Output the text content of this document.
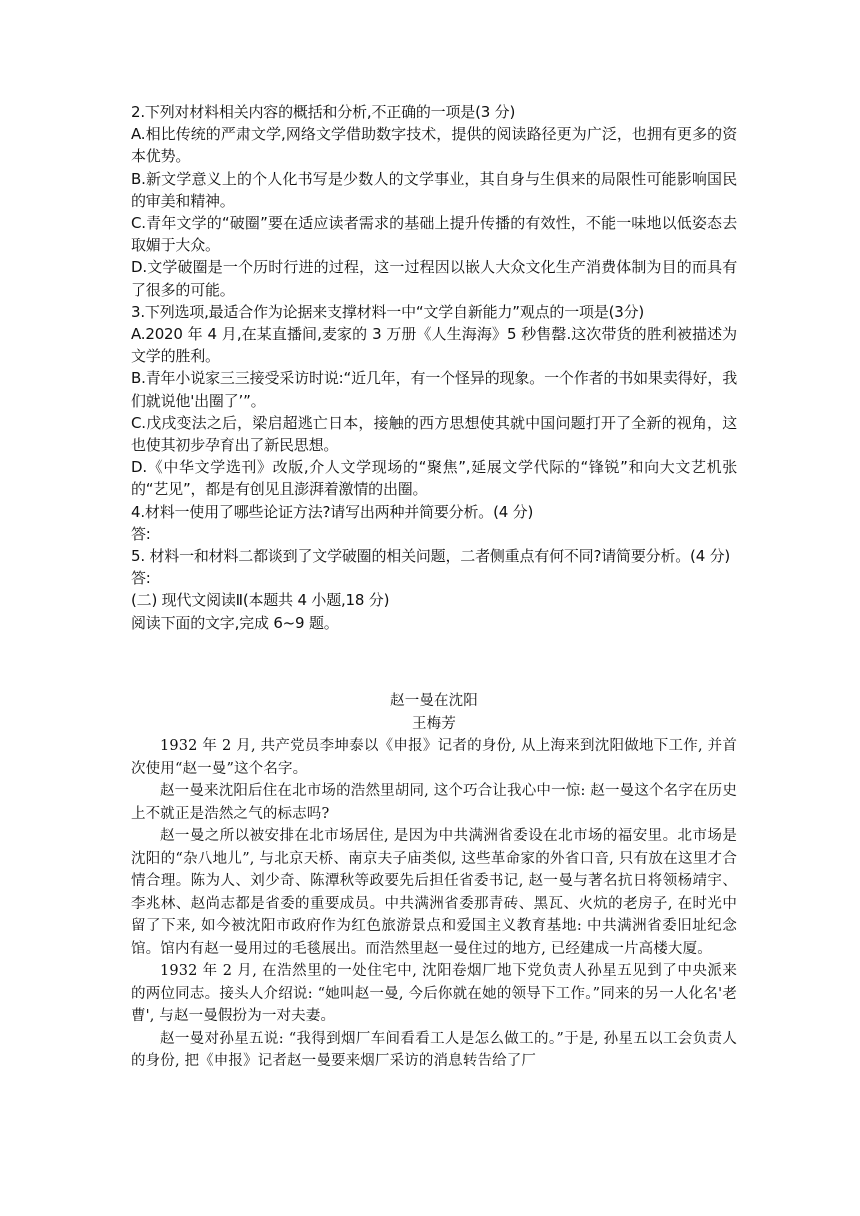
2.下列对材料相关内容的概括和分析,不正确的一项是(3 分)

A.相比传统的严肃文学,网络文学借助数字技术，提供的阅读路径更为广泛，也拥有更多的资本优势。

B.新文学意义上的个人化书写是少数人的文学事业，其自身与生俱来的局限性可能影响国民的审美和精神。

C.青年文学的“破圈”要在适应读者需求的基础上提升传播的有效性，不能一味地以低姿态去取媚于大众。

D.文学破圈是一个历时行进的过程，这一过程因以嵌人大众文化生产消费体制为目的而具有了很多的可能。

3.下列选项,最适合作为论据来支撑材料一中“文学自新能力”观点的一项是(3分)

A.2020 年 4 月,在某直播间,麦家的 3 万册《人生海海》5 秒售罄.这次带货的胜利被描述为文学的胜利。

B.青年小说家三三接受采访时说:“近几年，有一个怪异的现象。一个作者的书如果卖得好，我们就说他'出圈了’”。

C.戊戌变法之后，梁启超逃亡日本，接触的西方思想使其就中国问题打开了全新的视角，这也使其初步孕育出了新民思想。

D.《中华文学选刊》改版,介人文学现场的“聚焦”,延展文学代际的“锋锐”和向大文艺机张的“艺见”，都是有创见且澎湃着激情的出圈。

4.材料一使用了哪些论证方法?请写出两种并简要分析。(4 分)

答:

5. 材料一和材料二都谈到了文学破圈的相关问题，二者侧重点有何不同?请简要分析。(4 分)

答:

(二) 现代文阅读Ⅱ(本题共 4 小题,18 分)

阅读下面的文字,完成 6~9 题。

赵一曼在沈阳

王梅芳

1932 年 2 月, 共产党员李坤泰以《申报》记者的身份, 从上海来到沈阳做地下工作, 并首次使用“赵一曼”这个名字。

赵一曼来沈阳后住在北市场的浩然里胡同, 这个巧合让我心中一惊: 赵一曼这个名字在历史上不就正是浩然之气的标志吗?

赵一曼之所以被安排在北市场居住, 是因为中共满洲省委设在北市场的福安里。北市场是沈阳的“杂八地儿”, 与北京天桥、南京夫子庙类似, 这些革命家的外省口音, 只有放在这里才合情合理。陈为人、刘少奇、陈潭秋等政要先后担任省委书记, 赵一曼与著名抗日将领杨靖宇、李兆林、赵尚志都是省委的重要成员。中共满洲省委那青砖、黑瓦、火炕的老房子, 在时光中留了下来, 如今被沈阳市政府作为红色旅游景点和爱国主义教育基地: 中共满洲省委旧址纪念馆。馆内有赵一曼用过的毛毯展出。而浩然里赵一曼住过的地方, 已经建成一片高楼大厦。

1932 年 2 月, 在浩然里的一处住宅中, 沈阳卷烟厂地下党负责人孙星五见到了中央派来的两位同志。接头人介绍说: “她叫赵一曼, 今后你就在她的领导下工作。”同来的另一人化名'老曹', 与赵一曼假扮为一对夫妻。

赵一曼对孙星五说: “我得到烟厂车间看看工人是怎么做工的。”于是, 孙星五以工会负责人的身份, 把《申报》记者赵一曼要来烟厂采访的消息转告给了厂
